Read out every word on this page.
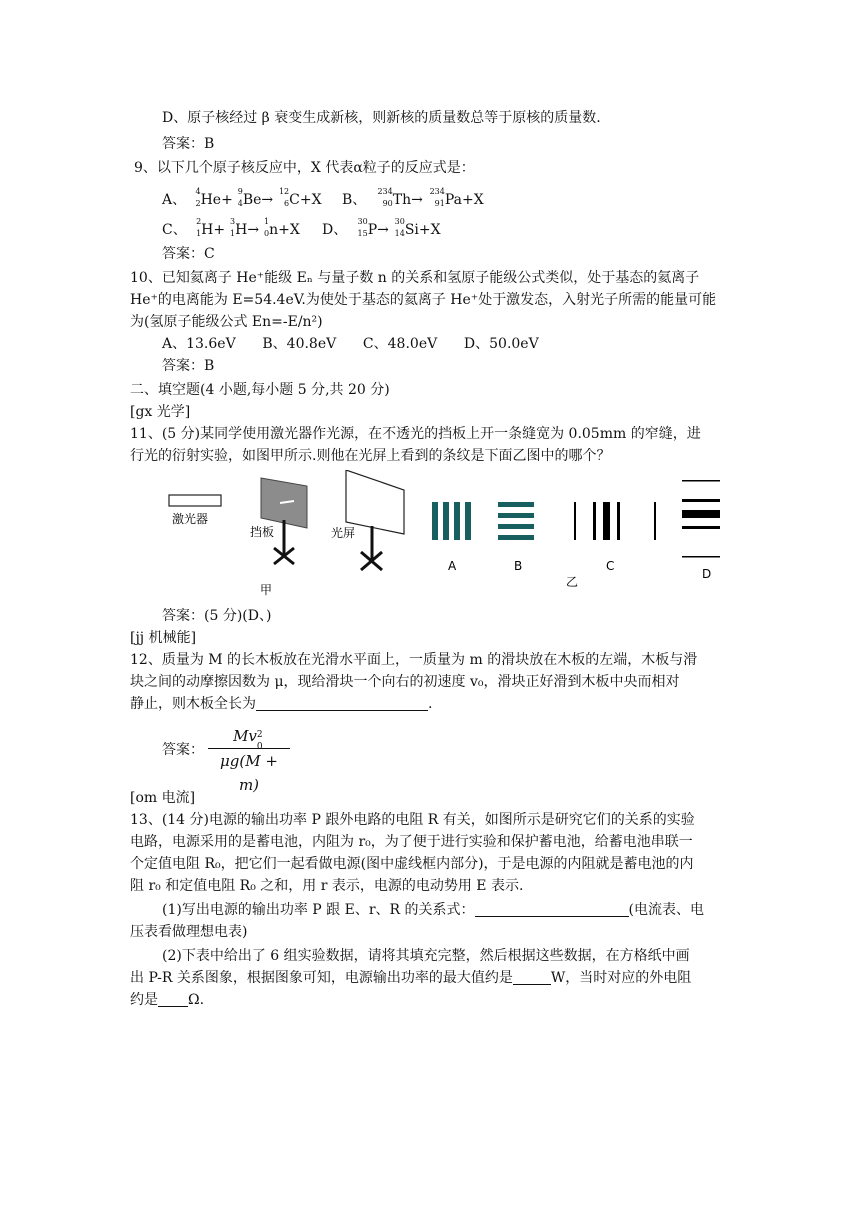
D、原子核经过 β 衰变生成新核，则新核的质量数总等于原核的质量数.
答案：B
9、以下几个原子核反应中，X 代表α粒子的反应式是：
A、
4
2 He+
9
4 Be→
12
6 C+X B、
234
90 Th→
234
91 Pa+X
C、
2
1 H+
3
1 H→
1
0 n+X D、
30
15 P→
30
14 Si+X
答案：C
10、已知氦离子 He⁺能级 Eₙ 与量子数 n 的关系和氢原子能级公式类似，处于基态的氦离子
He⁺的电离能为 E=54.4eV.为使处于基态的氦离子 He⁺处于激发态，入射光子所需的能量可能
为(氢原子能级公式 En=-E/n²)
A、13.6eV      B、40.8eV      C、48.0eV      D、50.0eV
答案：B
二、填空题(4 小题,每小题 5 分,共 20 分)
[gx 光学]
11、(5 分)某同学使用激光器作光源，在不透光的挡板上开一条缝宽为 0.05mm 的窄缝，进
行光的衍射实验，如图甲所示.则他在光屏上看到的条纹是下面乙图中的哪个？
激光器
挡板	光屏
甲
A	B	C
乙
D
答案：(5 分)(D、)
[jj 机械能]
12、质量为 M 的长木板放在光滑水平面上，一质量为 m 的滑块放在木板的左端，木板与滑
块之间的动摩擦因数为 μ，现给滑块一个向右的初速度 v₀，滑块正好滑到木板中央而相对
静止，则木板全长为	.
答案：
Mv 2
0
μg(M + m)
[om 电流]
13、(14 分)电源的输出功率 P 跟外电路的电阻 R 有关，如图所示是研究它们的关系的实验
电路，电源采用的是蓄电池，内阻为 r₀，为了便于进行实验和保护蓄电池，给蓄电池串联一
个定值电阻 R₀，把它们一起看做电源(图中虚线框内部分)，于是电源的内阻就是蓄电池的内
阻 r₀ 和定值电阻 R₀ 之和，用 r 表示，电源的电动势用 E 表示.
(1)写出电源的输出功率 P 跟 E、r、R 的关系式：	(电流表、电
压表看做理想电表)
(2)下表中给出了 6 组实验数据，请将其填充完整，然后根据这些数据，在方格纸中画
出 P-R 关系图象，根据图象可知，电源输出功率的最大值约是	W，当时对应的外电阻
约是 Ω.
